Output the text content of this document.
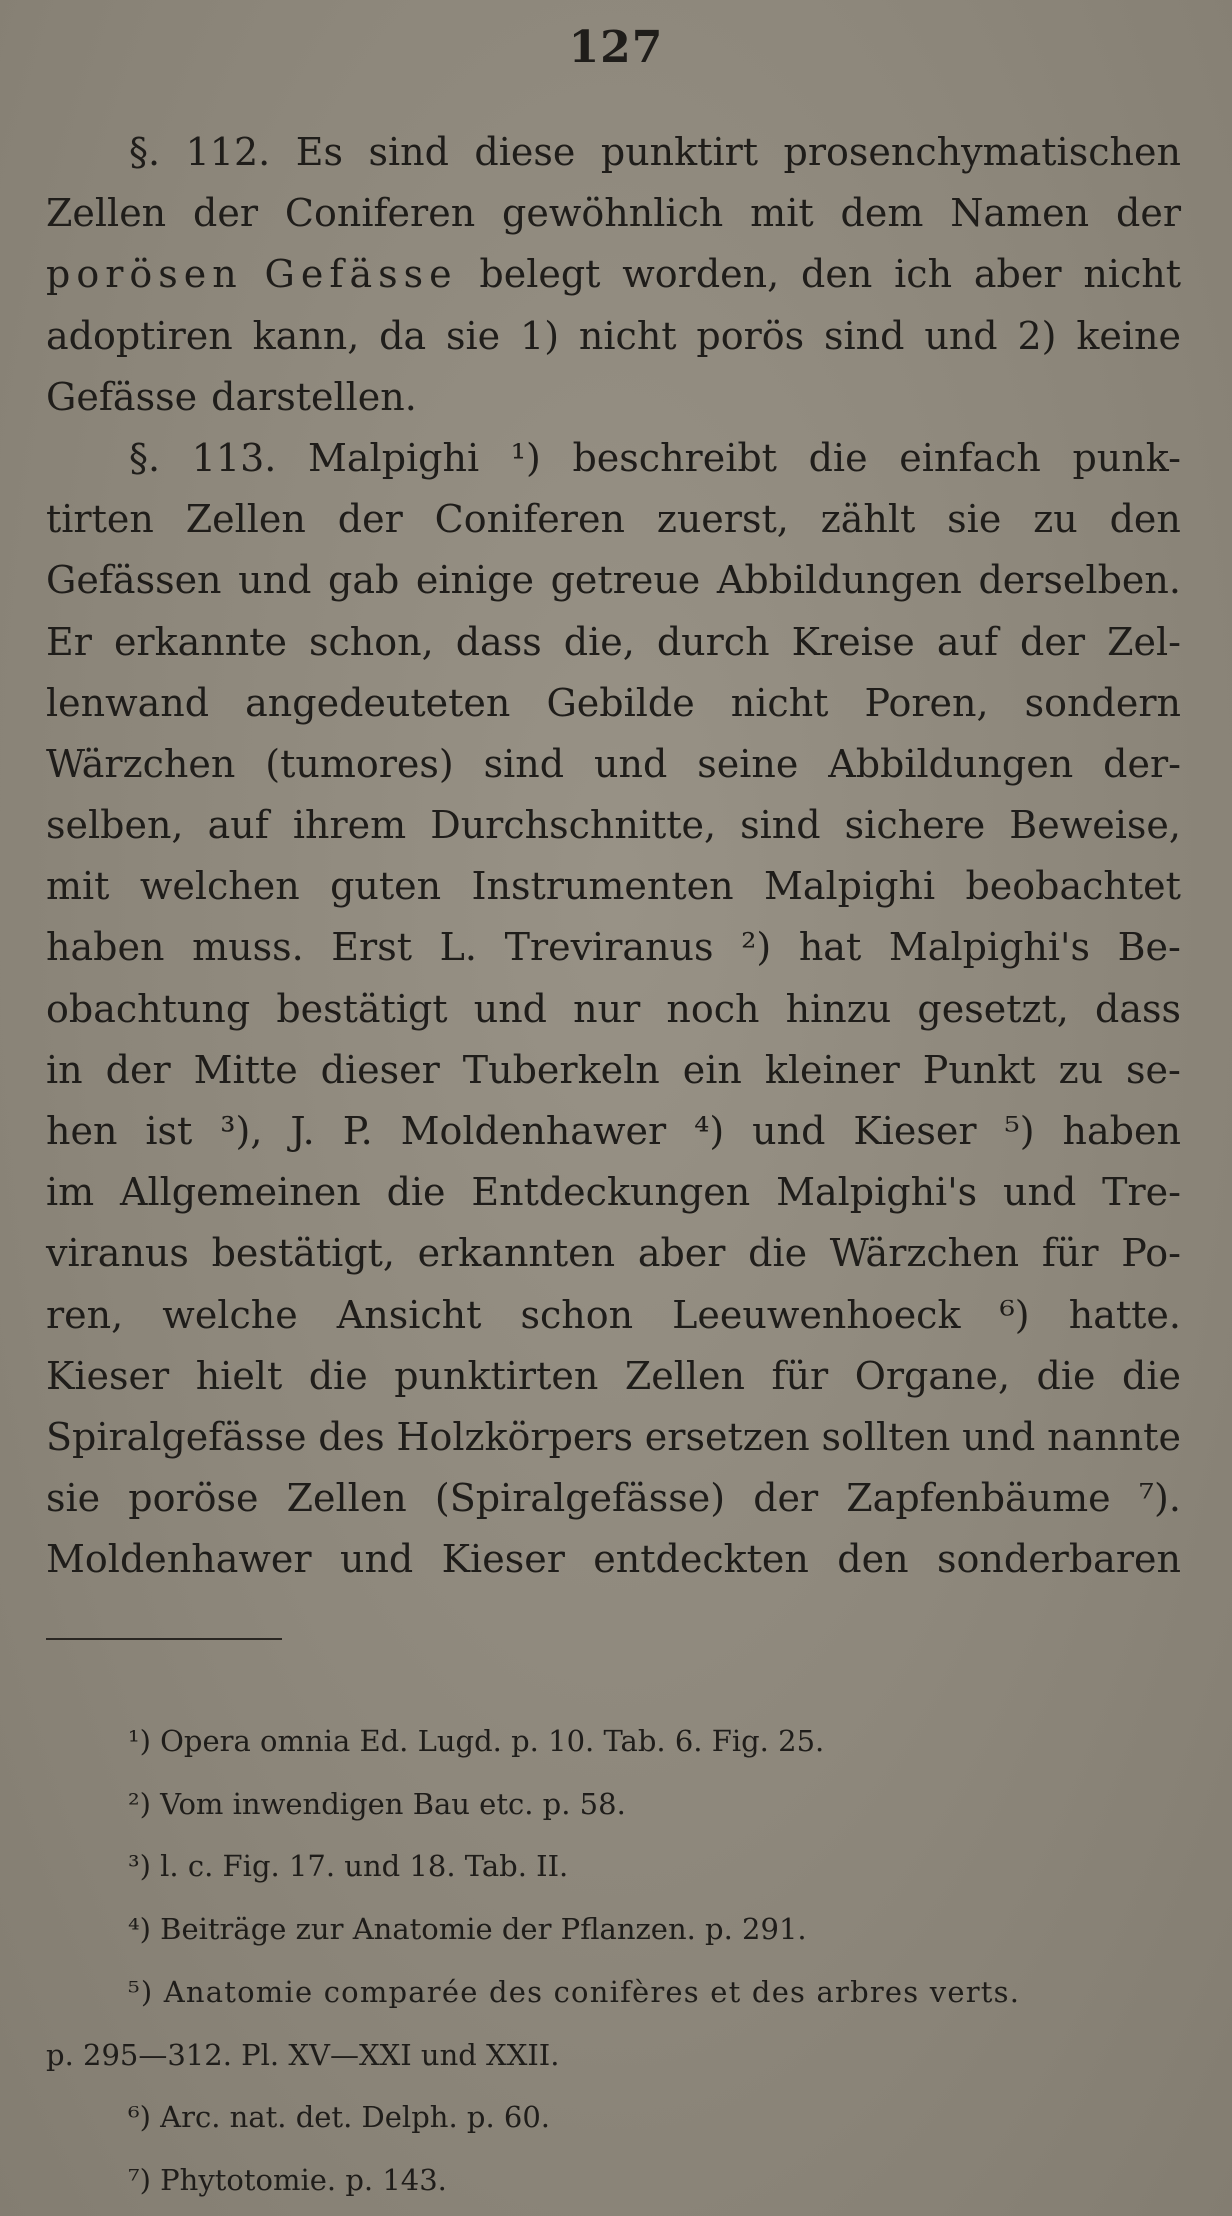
127
§. 112. Es sind diese punktirt prosenchymatischen
Zellen der Coniferen gewöhnlich mit dem Namen der
porösen Gefässe belegt worden, den ich aber nicht
adoptiren kann, da sie 1) nicht porös sind und 2) keine
Gefässe darstellen.
§. 113. Malpighi ¹) beschreibt die einfach punk-
tirten Zellen der Coniferen zuerst, zählt sie zu den
Gefässen und gab einige getreue Abbildungen derselben.
Er erkannte schon, dass die, durch Kreise auf der Zel-
lenwand angedeuteten Gebilde nicht Poren, sondern
Wärzchen (tumores) sind und seine Abbildungen der-
selben, auf ihrem Durchschnitte, sind sichere Beweise,
mit welchen guten Instrumenten Malpighi beobachtet
haben muss. Erst L. Treviranus ²) hat Malpighi's Be-
obachtung bestätigt und nur noch hinzu gesetzt, dass
in der Mitte dieser Tuberkeln ein kleiner Punkt zu se-
hen ist ³), J. P. Moldenhawer ⁴) und Kieser ⁵) haben
im Allgemeinen die Entdeckungen Malpighi's und Tre-
viranus bestätigt, erkannten aber die Wärzchen für Po-
ren, welche Ansicht schon Leeuwenhoeck ⁶) hatte.
Kieser hielt die punktirten Zellen für Organe, die die
Spiralgefässe des Holzkörpers ersetzen sollten und nannte
sie poröse Zellen (Spiralgefässe) der Zapfenbäume ⁷).
Moldenhawer und Kieser entdeckten den sonderbaren
¹) Opera omnia Ed. Lugd. p. 10. Tab. 6. Fig. 25.
²) Vom inwendigen Bau etc. p. 58.
³) l. c. Fig. 17. und 18. Tab. II.
⁴) Beiträge zur Anatomie der Pflanzen. p. 291.
⁵) Anatomie comparée des conifères et des arbres verts.
p. 295—312. Pl. XV—XXI und XXII.
⁶) Arc. nat. det. Delph. p. 60.
⁷) Phytotomie. p. 143.
